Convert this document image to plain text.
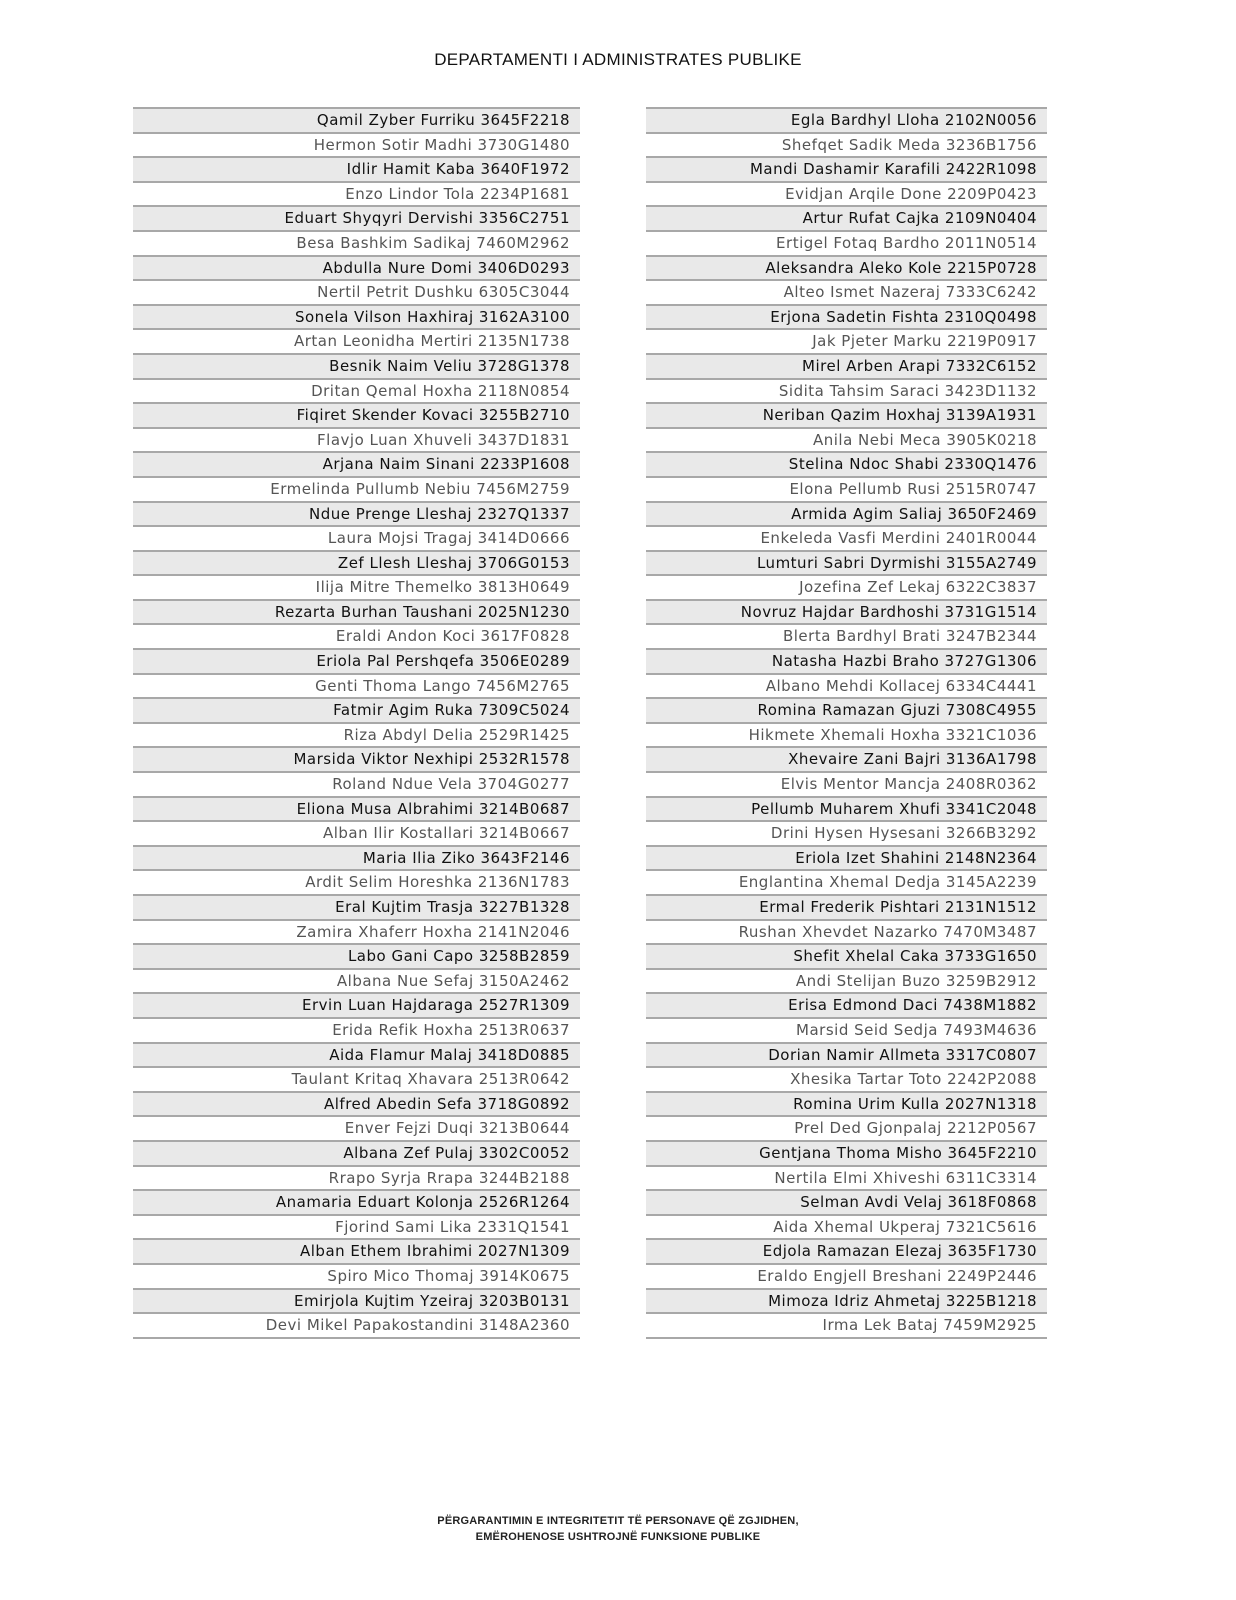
DEPARTAMENTI I ADMINISTRATES PUBLIKE
Qamil Zyber Furriku 3645F2218
Hermon Sotir Madhi 3730G1480
Idlir Hamit Kaba 3640F1972
Enzo Lindor Tola 2234P1681
Eduart Shyqyri Dervishi 3356C2751
Besa Bashkim Sadikaj 7460M2962
Abdulla Nure Domi 3406D0293
Nertil Petrit Dushku 6305C3044
Sonela Vilson Haxhiraj 3162A3100
Artan Leonidha Mertiri 2135N1738
Besnik Naim Veliu 3728G1378
Dritan Qemal Hoxha 2118N0854
Fiqiret Skender Kovaci 3255B2710
Flavjo Luan Xhuveli 3437D1831
Arjana Naim Sinani 2233P1608
Ermelinda Pullumb Nebiu 7456M2759
Ndue Prenge Lleshaj 2327Q1337
Laura Mojsi Tragaj 3414D0666
Zef Llesh Lleshaj 3706G0153
Ilija Mitre Themelko 3813H0649
Rezarta Burhan Taushani 2025N1230
Eraldi Andon Koci 3617F0828
Eriola Pal Pershqefa 3506E0289
Genti Thoma Lango 7456M2765
Fatmir Agim Ruka 7309C5024
Riza Abdyl Delia 2529R1425
Marsida Viktor Nexhipi 2532R1578
Roland Ndue Vela 3704G0277
Eliona Musa Albrahimi 3214B0687
Alban Ilir Kostallari 3214B0667
Maria Ilia Ziko 3643F2146
Ardit Selim Horeshka 2136N1783
Eral Kujtim Trasja 3227B1328
Zamira Xhaferr Hoxha 2141N2046
Labo Gani Capo 3258B2859
Albana Nue Sefaj 3150A2462
Ervin Luan Hajdaraga 2527R1309
Erida Refik Hoxha 2513R0637
Aida Flamur Malaj 3418D0885
Taulant Kritaq Xhavara 2513R0642
Alfred Abedin Sefa 3718G0892
Enver Fejzi Duqi 3213B0644
Albana Zef Pulaj 3302C0052
Rrapo Syrja Rrapa 3244B2188
Anamaria Eduart Kolonja 2526R1264
Fjorind Sami Lika 2331Q1541
Alban Ethem Ibrahimi 2027N1309
Spiro Mico Thomaj 3914K0675
Emirjola Kujtim Yzeiraj 3203B0131
Devi Mikel Papakostandini 3148A2360
Egla Bardhyl Lloha 2102N0056
Shefqet Sadik Meda 3236B1756
Mandi Dashamir Karafili 2422R1098
Evidjan Arqile Done 2209P0423
Artur Rufat Cajka 2109N0404
Ertigel Fotaq Bardho 2011N0514
Aleksandra Aleko Kole 2215P0728
Alteo Ismet Nazeraj 7333C6242
Erjona Sadetin Fishta 2310Q0498
Jak Pjeter Marku 2219P0917
Mirel Arben Arapi 7332C6152
Sidita Tahsim Saraci 3423D1132
Neriban Qazim Hoxhaj 3139A1931
Anila Nebi Meca 3905K0218
Stelina Ndoc Shabi 2330Q1476
Elona Pellumb Rusi 2515R0747
Armida Agim Saliaj 3650F2469
Enkeleda Vasfi Merdini 2401R0044
Lumturi Sabri Dyrmishi 3155A2749
Jozefina Zef Lekaj 6322C3837
Novruz Hajdar Bardhoshi 3731G1514
Blerta Bardhyl Brati 3247B2344
Natasha Hazbi Braho 3727G1306
Albano Mehdi Kollacej 6334C4441
Romina Ramazan Gjuzi 7308C4955
Hikmete Xhemali Hoxha 3321C1036
Xhevaire Zani Bajri 3136A1798
Elvis Mentor Mancja 2408R0362
Pellumb Muharem Xhufi 3341C2048
Drini Hysen Hysesani 3266B3292
Eriola Izet Shahini 2148N2364
Englantina Xhemal Dedja 3145A2239
Ermal Frederik Pishtari 2131N1512
Rushan Xhevdet Nazarko 7470M3487
Shefit Xhelal Caka 3733G1650
Andi Stelijan Buzo 3259B2912
Erisa Edmond Daci 7438M1882
Marsid Seid Sedja 7493M4636
Dorian Namir Allmeta 3317C0807
Xhesika Tartar Toto 2242P2088
Romina Urim Kulla 2027N1318
Prel Ded Gjonpalaj 2212P0567
Gentjana Thoma Misho 3645F2210
Nertila Elmi Xhiveshi 6311C3314
Selman Avdi Velaj 3618F0868
Aida Xhemal Ukperaj 7321C5616
Edjola Ramazan Elezaj 3635F1730
Eraldo Engjell Breshani 2249P2446
Mimoza Idriz Ahmetaj 3225B1218
Irma Lek Bataj 7459M2925
PËRGARANTIMIN E INTEGRITETIT TË PERSONAVE QË ZGJIDHEN,
EMËROHENOSE USHTROJNË FUNKSIONE PUBLIKE
